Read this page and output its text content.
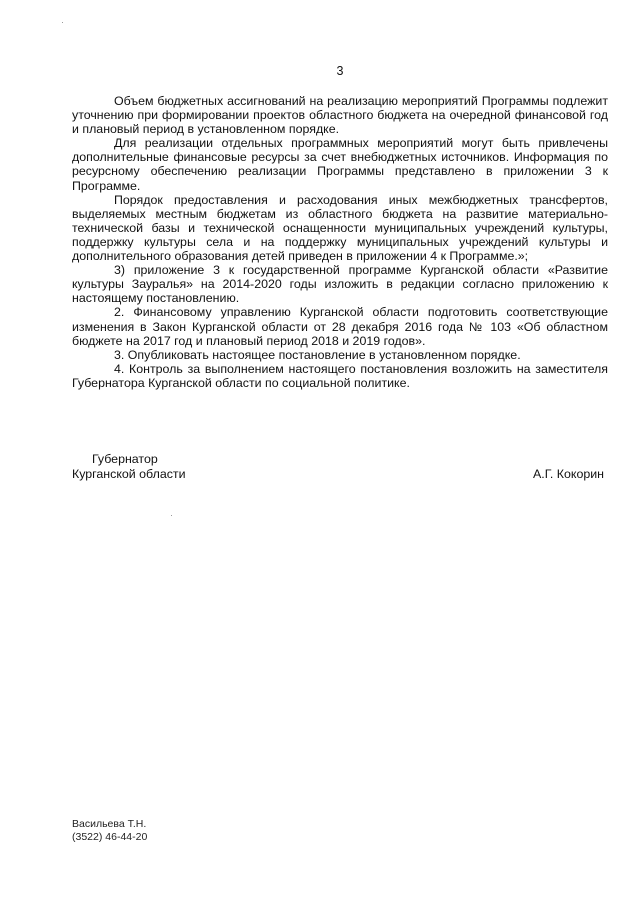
3

Объем бюджетных ассигнований на реализацию мероприятий Программы подлежит уточнению при формировании проектов областного бюджета на очередной финансовой год и плановый период в установленном порядке.

Для реализации отдельных программных мероприятий могут быть привлечены дополнительные финансовые ресурсы за счет внебюджетных источников. Информация по ресурсному обеспечению реализации Программы представлено в приложении 3 к Программе.

Порядок предоставления и расходования иных межбюджетных трансфертов, выделяемых местным бюджетам из областного бюджета на развитие материально-технической базы и технической оснащенности муниципальных учреждений культуры, поддержку культуры села и на поддержку муниципальных учреждений культуры и дополнительного образования детей приведен в приложении 4 к Программе.»;

3) приложение 3 к государственной программе Курганской области «Развитие культуры Зауралья» на 2014-2020 годы изложить в редакции согласно приложению к настоящему постановлению.

2. Финансовому управлению Курганской области подготовить соответствующие изменения в Закон Курганской области от 28 декабря 2016 года № 103 «Об областном бюджете на 2017 год и плановый период 2018 и 2019 годов».

3. Опубликовать настоящее постановление в установленном порядке.

4. Контроль за выполнением настоящего постановления возложить на заместителя Губернатора Курганской области по социальной политике.

Губернатор
Курганской области	А.Г. Кокорин
Васильева Т.Н.
(3522) 46-44-20
